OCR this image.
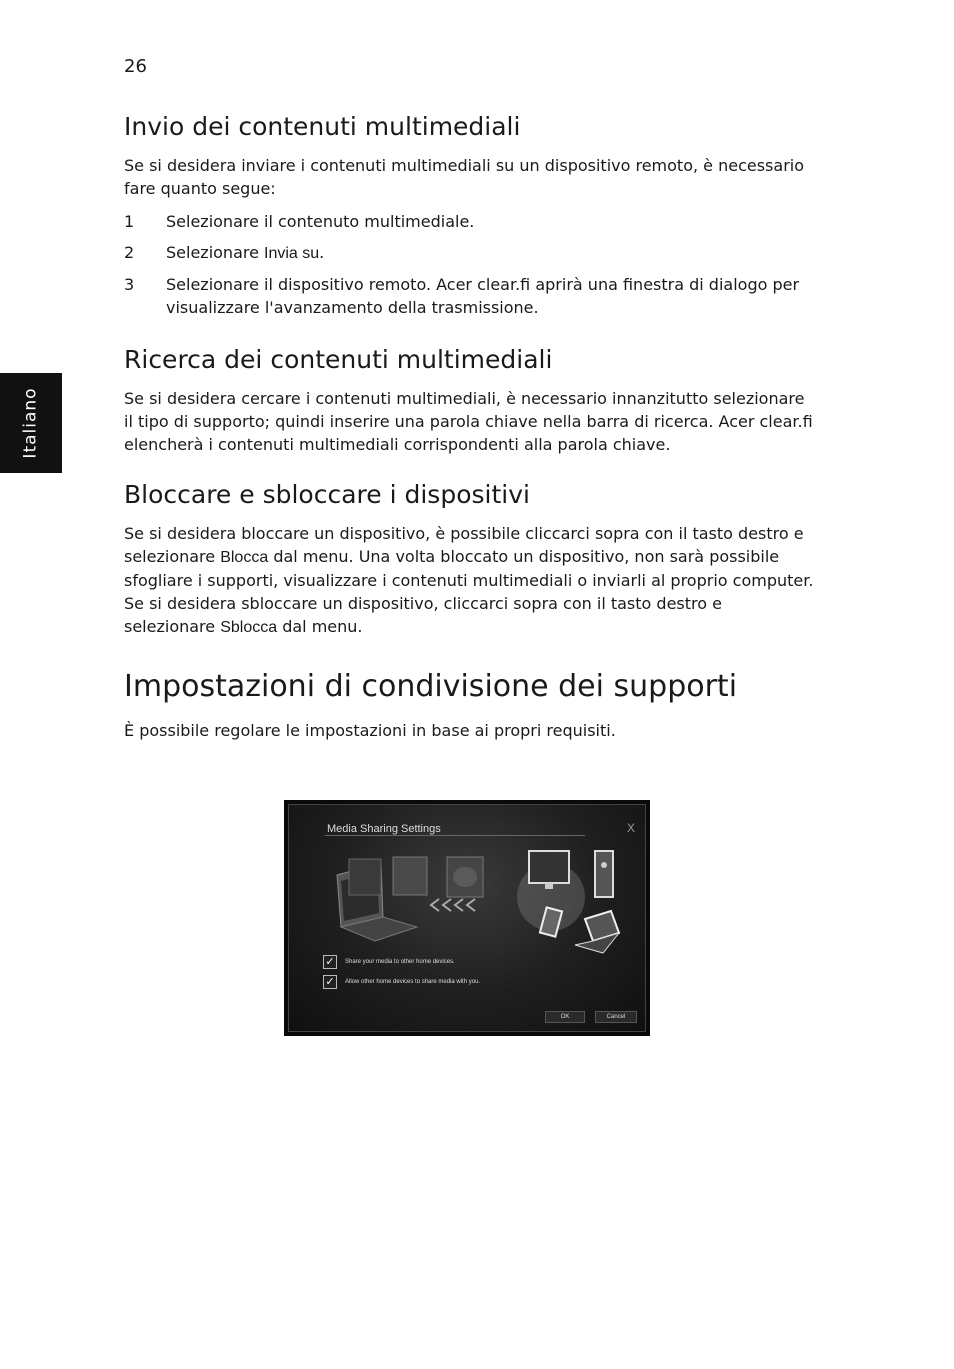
26
Italiano
Invio dei contenuti multimediali

Se si desidera inviare i contenuti multimediali su un dispositivo remoto, è necessario fare quanto segue:

1	Selezionare il contenuto multimediale.
2	Selezionare Invia su.
3	Selezionare il dispositivo remoto. Acer clear.fi aprirà una finestra di dialogo per visualizzare l'avanzamento della trasmissione.
Ricerca dei contenuti multimediali

Se si desidera cercare i contenuti multimediali, è necessario innanzitutto selezionare il tipo di supporto; quindi inserire una parola chiave nella barra di ricerca. Acer clear.fi elencherà i contenuti multimediali corrispondenti alla parola chiave.

Bloccare e sbloccare i dispositivi

Se si desidera bloccare un dispositivo, è possibile cliccarci sopra con il tasto destro e selezionare Blocca dal menu. Una volta bloccato un dispositivo, non sarà possibile sfogliare i supporti, visualizzare i contenuti multimediali o inviarli al proprio computer. Se si desidera sbloccare un dispositivo, cliccarci sopra con il tasto destro e selezionare Sblocca dal menu.

Impostazioni di condivisione dei supporti

È possibile regolare le impostazioni in base ai propri requisiti.

Media Sharing Settings	X
✓	Share your media to other home devices.
✓	Allow other home devices to share media with you.
OK	Cancel
